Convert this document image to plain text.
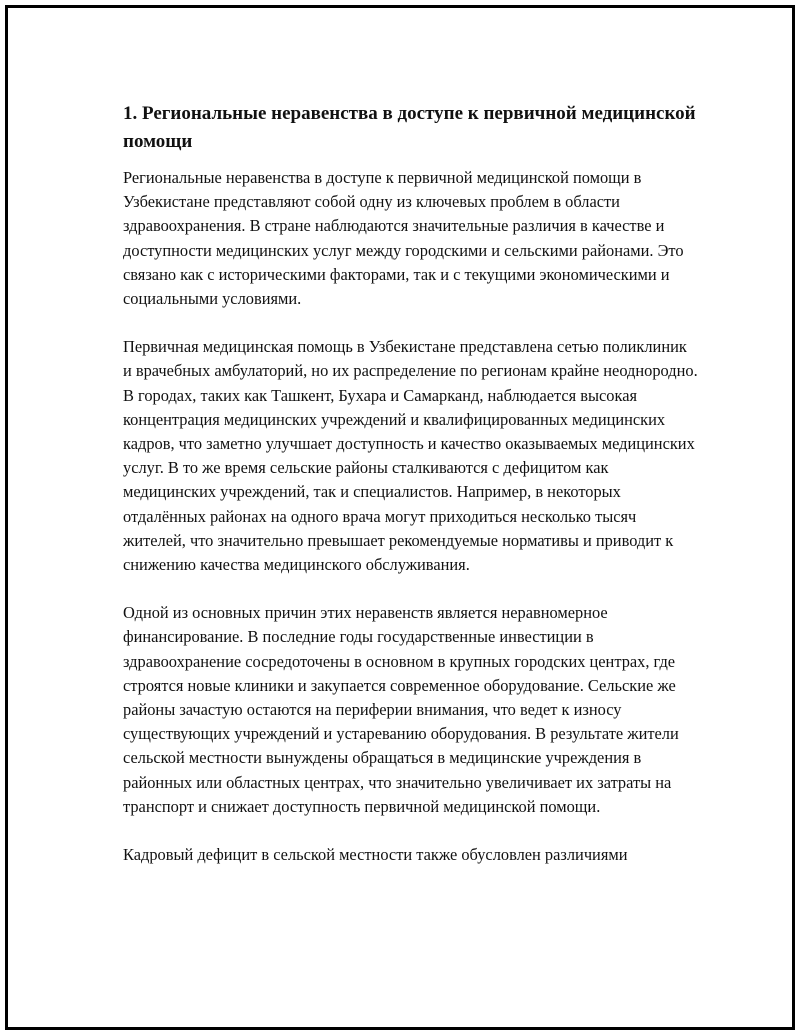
1. Региональные неравенства в доступе к первичной медицинской помощи

Региональные неравенства в доступе к первичной медицинской помощи в Узбекистане представляют собой одну из ключевых проблем в области здравоохранения. В стране наблюдаются значительные различия в качестве и доступности медицинских услуг между городскими и сельскими районами. Это связано как с историческими факторами, так и с текущими экономическими и социальными условиями.

Первичная медицинская помощь в Узбекистане представлена сетью поликлиник и врачебных амбулаторий, но их распределение по регионам крайне неоднородно. В городах, таких как Ташкент, Бухара и Самарканд, наблюдается высокая концентрация медицинских учреждений и квалифицированных медицинских кадров, что заметно улучшает доступность и качество оказываемых медицинских услуг. В то же время сельские районы сталкиваются с дефицитом как медицинских учреждений, так и специалистов. Например, в некоторых отдалённых районах на одного врача могут приходиться несколько тысяч жителей, что значительно превышает рекомендуемые нормативы и приводит к снижению качества медицинского обслуживания.

Одной из основных причин этих неравенств является неравномерное финансирование. В последние годы государственные инвестиции в здравоохранение сосредоточены в основном в крупных городских центрах, где строятся новые клиники и закупается современное оборудование. Сельские же районы зачастую остаются на периферии внимания, что ведет к износу существующих учреждений и устареванию оборудования. В результате жители сельской местности вынуждены обращаться в медицинские учреждения в районных или областных центрах, что значительно увеличивает их затраты на транспорт и снижает доступность первичной медицинской помощи.

Кадровый дефицит в сельской местности также обусловлен различиями
